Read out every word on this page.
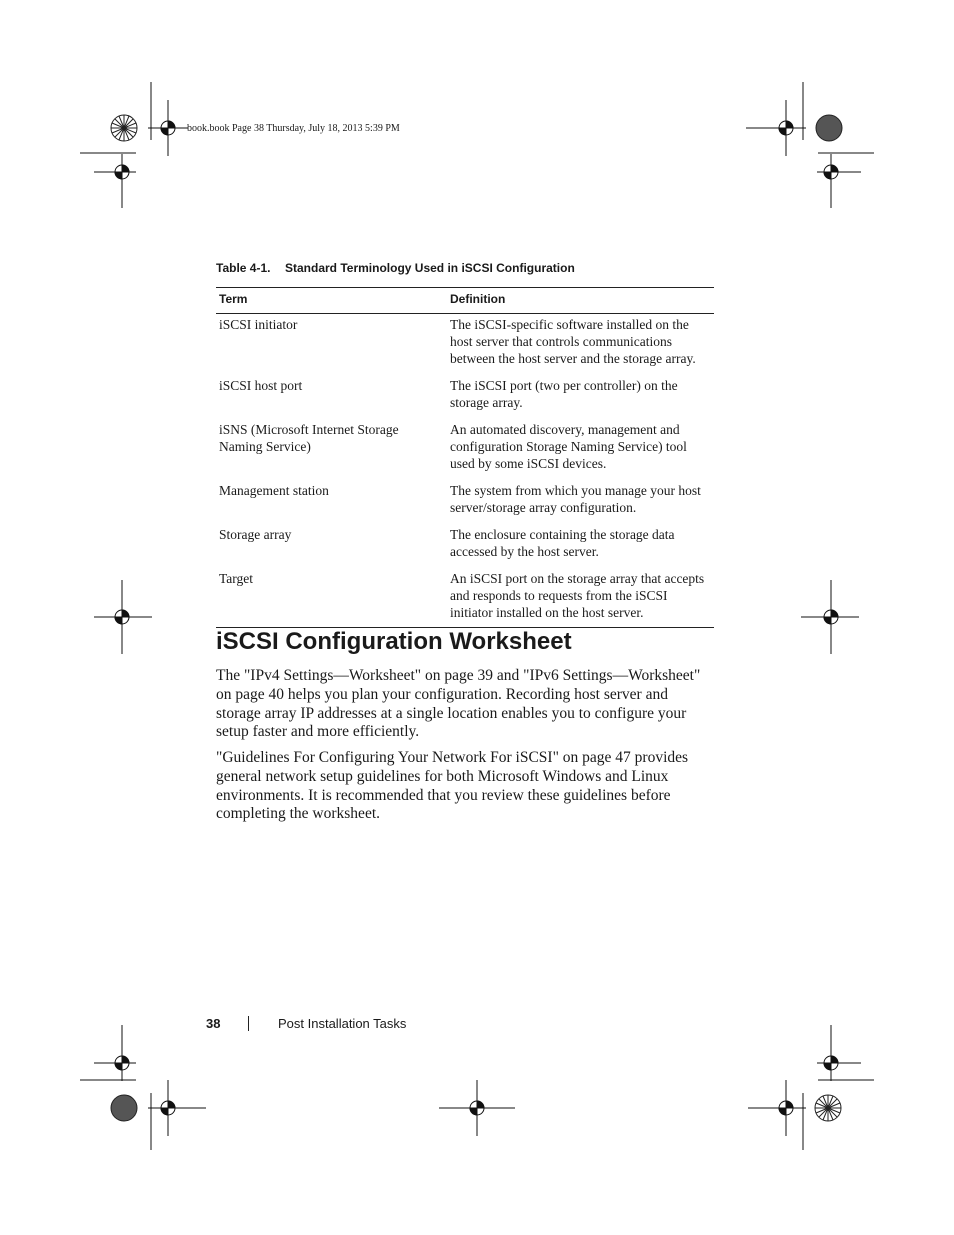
book.book Page 38 Thursday, July 18, 2013 5:39 PM
Table 4-1. Standard Terminology Used in iSCSI Configuration
Term	Definition
iSCSI initiator	The iSCSI-specific software installed on the host server that controls communications between the host server and the storage array.
iSCSI host port	The iSCSI port (two per controller) on the storage array.
iSNS (Microsoft Internet Storage Naming Service)	An automated discovery, management and configuration Storage Naming Service) tool used by some iSCSI devices.
Management station	The system from which you manage your host server/storage array configuration.
Storage array	The enclosure containing the storage data accessed by the host server.
Target	An iSCSI port on the storage array that accepts and responds to requests from the iSCSI initiator installed on the host server.
iSCSI Configuration Worksheet

The "IPv4 Settings—Worksheet" on page 39 and "IPv6 Settings—Worksheet" on page 40 helps you plan your configuration. Recording host server and storage array IP addresses at a single location enables you to configure your setup faster and more efficiently.

"Guidelines For Configuring Your Network For iSCSI" on page 47 provides general network setup guidelines for both Microsoft Windows and Linux environments. It is recommended that you review these guidelines before completing the worksheet.

38	Post Installation Tasks
